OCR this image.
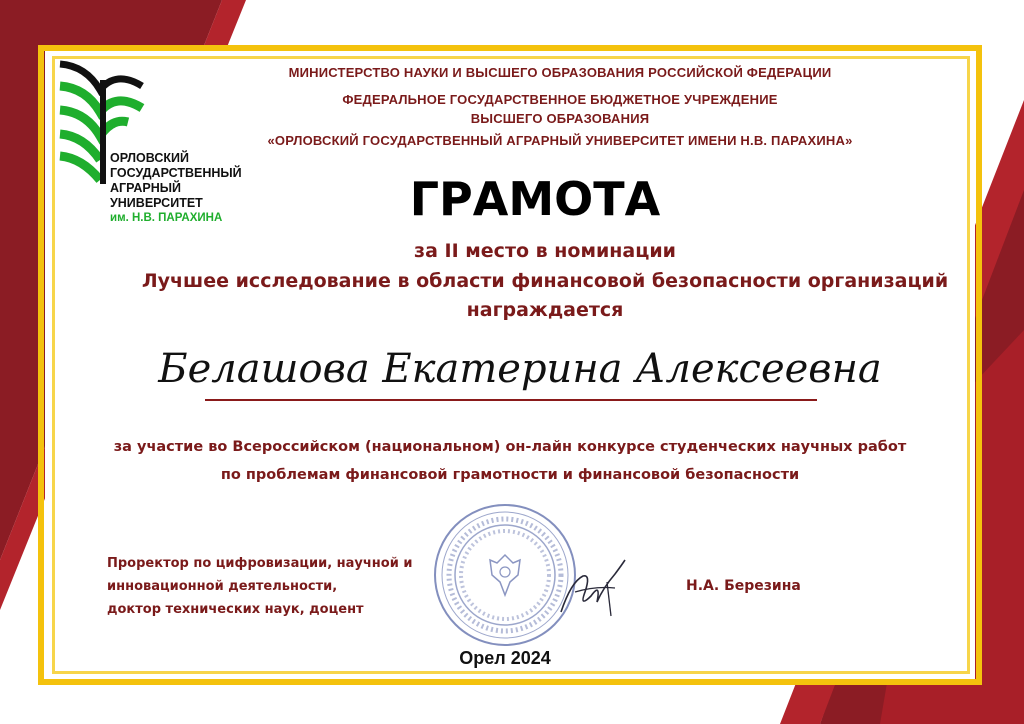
ОРЛОВСКИЙ
ГОСУДАРСТВЕННЫЙ
АГРАРНЫЙ
УНИВЕРСИТЕТ
им. Н.В. ПАРАХИНА
МИНИСТЕРСТВО НАУКИ И ВЫСШЕГО ОБРАЗОВАНИЯ РОССИЙСКОЙ ФЕДЕРАЦИИ
ФЕДЕРАЛЬНОЕ ГОСУДАРСТВЕННОЕ БЮДЖЕТНОЕ УЧРЕЖДЕНИЕ
ВЫСШЕГО ОБРАЗОВАНИЯ
«ОРЛОВСКИЙ ГОСУДАРСТВЕННЫЙ АГРАРНЫЙ УНИВЕРСИТЕТ ИМЕНИ Н.В. ПАРАХИНА»
ГРАМОТА
за II место в номинации
Лучшее исследование в области финансовой безопасности организаций
награждается
Белашова Екатерина Алексеевна
за участие во Всероссийском (национальном) он-лайн конкурсе студенческих научных работ
по проблемам финансовой грамотности и финансовой безопасности
Проректор по цифровизации, научной и
инновационной деятельности,
доктор технических наук, доцент
Н.А. Березина
Орел 2024
